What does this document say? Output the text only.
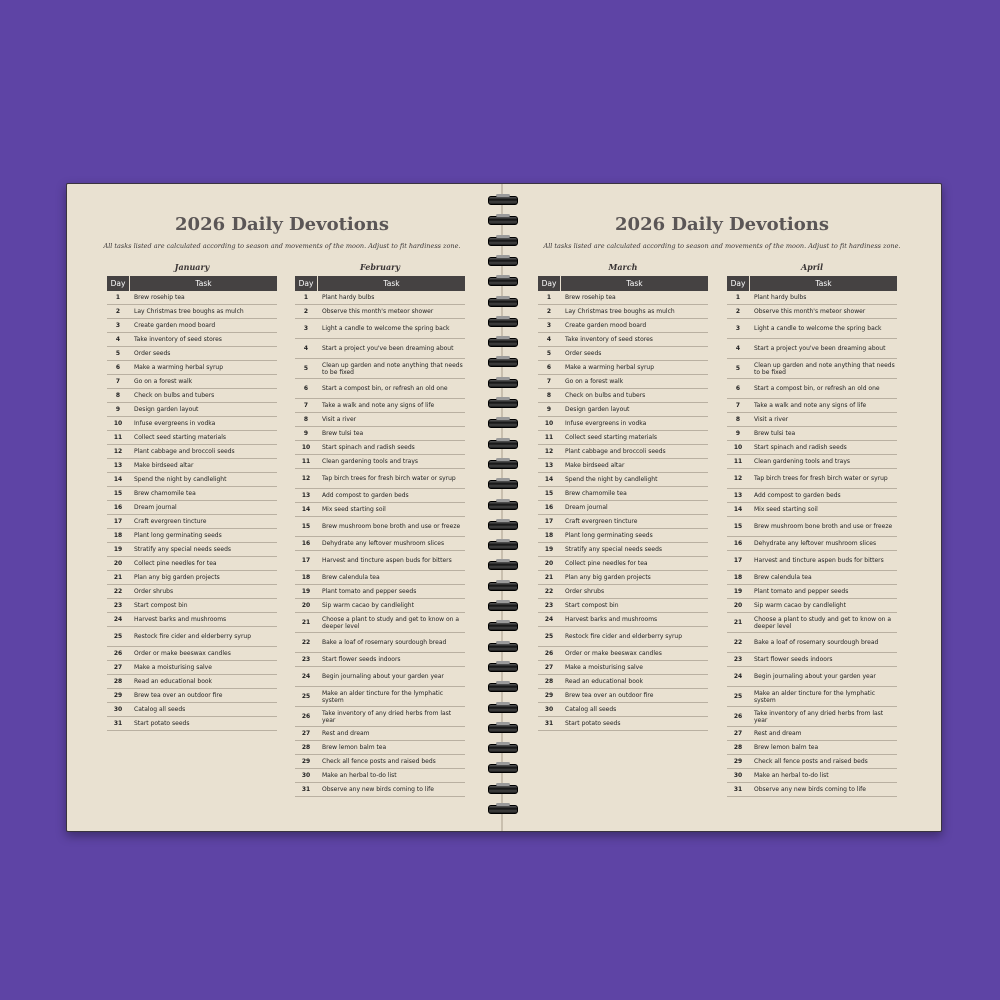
2026 Daily Devotions
All tasks listed are calculated according to season and movements of the moon. Adjust to fit hardiness zone.
January
Day	Task
1	Brew rosehip tea
2	Lay Christmas tree boughs as mulch
3	Create garden mood board
4	Take inventory of seed stores
5	Order seeds
6	Make a warming herbal syrup
7	Go on a forest walk
8	Check on bulbs and tubers
9	Design garden layout
10	Infuse evergreens in vodka
11	Collect seed starting materials
12	Plant cabbage and broccoli seeds
13	Make birdseed altar
14	Spend the night by candlelight
15	Brew chamomile tea
16	Dream journal
17	Craft evergreen tincture
18	Plant long germinating seeds
19	Stratify any special needs seeds
20	Collect pine needles for tea
21	Plan any big garden projects
22	Order shrubs
23	Start compost bin
24	Harvest barks and mushrooms
25	Restock fire cider and elderberry syrup
26	Order or make beeswax candles
27	Make a moisturising salve
28	Read an educational book
29	Brew tea over an outdoor fire
30	Catalog all seeds
31	Start potato seeds
February
Day	Task
1	Plant hardy bulbs
2	Observe this month's meteor shower
3	Light a candle to welcome the spring back
4	Start a project you've been dreaming about
5	Clean up garden and note anything that needs to be fixed
6	Start a compost bin, or refresh an old one
7	Take a walk and note any signs of life
8	Visit a river
9	Brew tulsi tea
10	Start spinach and radish seeds
11	Clean gardening tools and trays
12	Tap birch trees for fresh birch water or syrup
13	Add compost to garden beds
14	Mix seed starting soil
15	Brew mushroom bone broth and use or freeze
16	Dehydrate any leftover mushroom slices
17	Harvest and tincture aspen buds for bitters
18	Brew calendula tea
19	Plant tomato and pepper seeds
20	Sip warm cacao by candlelight
21	Choose a plant to study and get to know on a deeper level
22	Bake a loaf of rosemary sourdough bread
23	Start flower seeds indoors
24	Begin journaling about your garden year
25	Make an alder tincture for the lymphatic system
26	Take inventory of any dried herbs from last year
27	Rest and dream
28	Brew lemon balm tea
29	Check all fence posts and raised beds
30	Make an herbal to-do list
31	Observe any new birds coming to life
2026 Daily Devotions
All tasks listed are calculated according to season and movements of the moon. Adjust to fit hardiness zone.
March
Day	Task
1	Brew rosehip tea
2	Lay Christmas tree boughs as mulch
3	Create garden mood board
4	Take inventory of seed stores
5	Order seeds
6	Make a warming herbal syrup
7	Go on a forest walk
8	Check on bulbs and tubers
9	Design garden layout
10	Infuse evergreens in vodka
11	Collect seed starting materials
12	Plant cabbage and broccoli seeds
13	Make birdseed altar
14	Spend the night by candlelight
15	Brew chamomile tea
16	Dream journal
17	Craft evergreen tincture
18	Plant long germinating seeds
19	Stratify any special needs seeds
20	Collect pine needles for tea
21	Plan any big garden projects
22	Order shrubs
23	Start compost bin
24	Harvest barks and mushrooms
25	Restock fire cider and elderberry syrup
26	Order or make beeswax candles
27	Make a moisturising salve
28	Read an educational book
29	Brew tea over an outdoor fire
30	Catalog all seeds
31	Start potato seeds
April
Day	Task
1	Plant hardy bulbs
2	Observe this month's meteor shower
3	Light a candle to welcome the spring back
4	Start a project you've been dreaming about
5	Clean up garden and note anything that needs to be fixed
6	Start a compost bin, or refresh an old one
7	Take a walk and note any signs of life
8	Visit a river
9	Brew tulsi tea
10	Start spinach and radish seeds
11	Clean gardening tools and trays
12	Tap birch trees for fresh birch water or syrup
13	Add compost to garden beds
14	Mix seed starting soil
15	Brew mushroom bone broth and use or freeze
16	Dehydrate any leftover mushroom slices
17	Harvest and tincture aspen buds for bitters
18	Brew calendula tea
19	Plant tomato and pepper seeds
20	Sip warm cacao by candlelight
21	Choose a plant to study and get to know on a deeper level
22	Bake a loaf of rosemary sourdough bread
23	Start flower seeds indoors
24	Begin journaling about your garden year
25	Make an alder tincture for the lymphatic system
26	Take inventory of any dried herbs from last year
27	Rest and dream
28	Brew lemon balm tea
29	Check all fence posts and raised beds
30	Make an herbal to-do list
31	Observe any new birds coming to life
